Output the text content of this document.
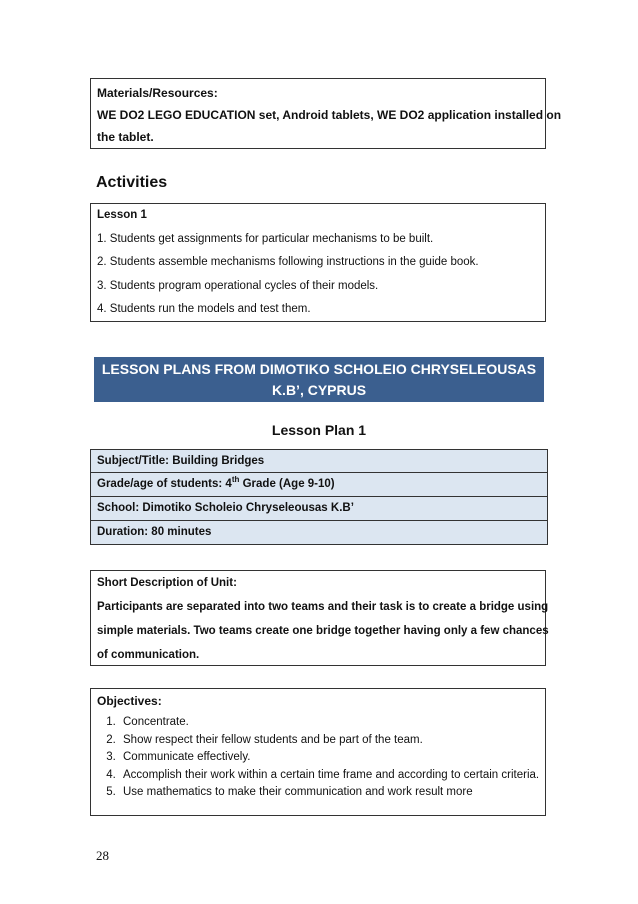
Materials/Resources:
WE DO2 LEGO EDUCATION set, Android tablets, WE DO2 application installed on
the tablet.
Activities
Lesson 1
1. Students get assignments for particular mechanisms to be built.
2. Students assemble mechanisms following instructions in the guide book.
3. Students program operational cycles of their models.
4. Students run the models and test them.
LESSON PLANS FROM DIMOTIKO SCHOLEIO CHRYSELEOUSAS
K.B’, CYPRUS
Lesson Plan 1
Subject/Title: Building Bridges
Grade/age of students: 4th Grade (Age 9-10)
School: Dimotiko Scholeio Chryseleousas K.B’
Duration: 80 minutes
Short Description of Unit:
Participants are separated into two teams and their task is to create a bridge using
simple materials. Two teams create one bridge together having only a few chances
of communication.
Objectives:
1. Concentrate.
2. Show respect their fellow students and be part of the team.
3. Communicate effectively.
4. Accomplish their work within a certain time frame and according to certain criteria.
5. Use mathematics to make their communication and work result more
28
